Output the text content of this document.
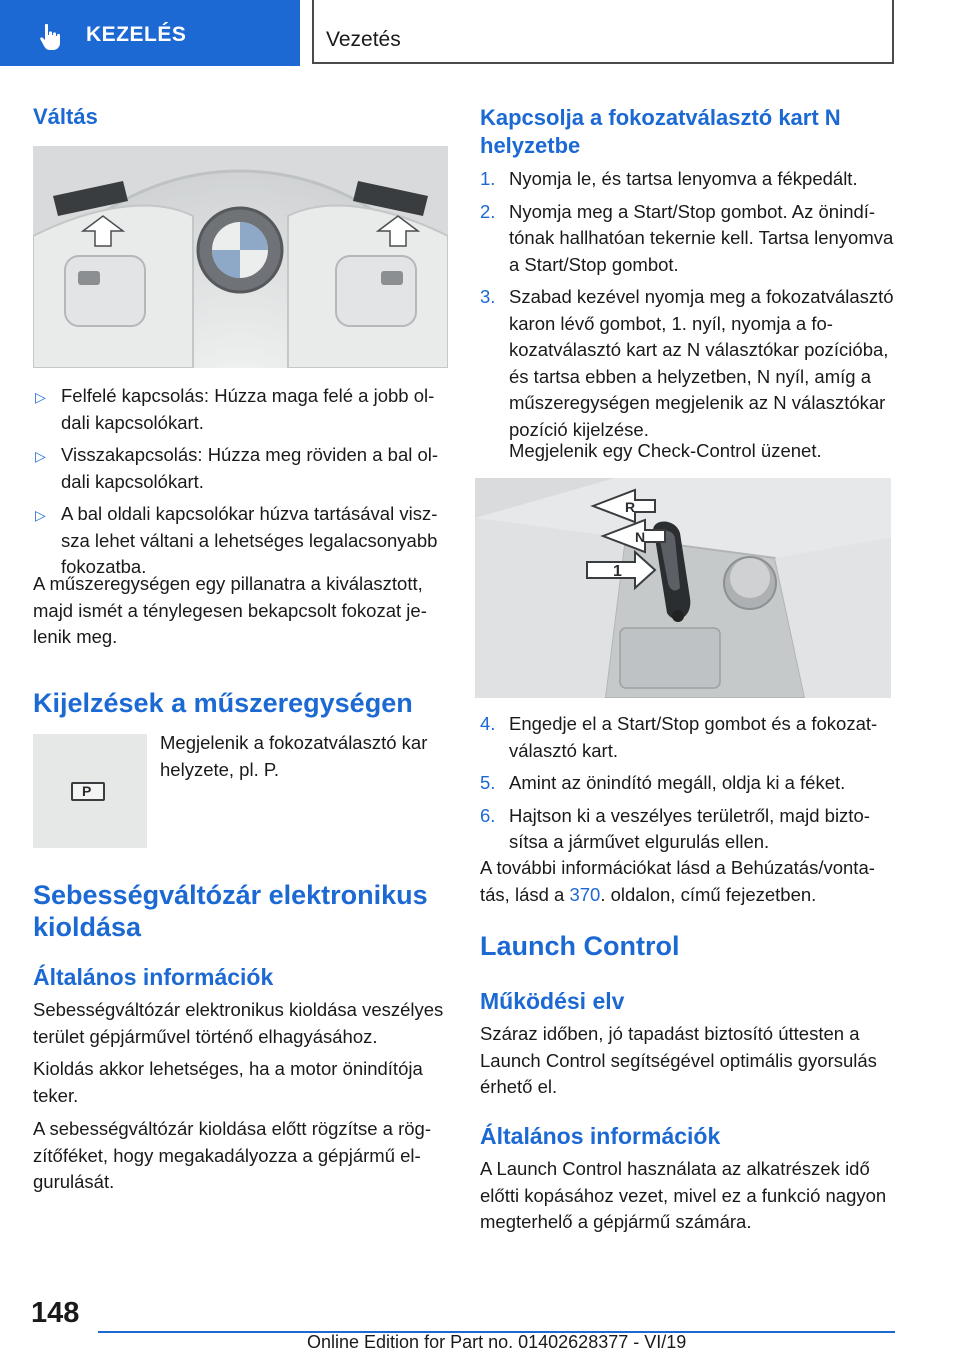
KEZELÉS	Vezetés
Váltás
▷ Felfelé kapcsolás: Húzza maga felé a jobb oldali kapcsolókart.
▷ Visszakapcsolás: Húzza meg röviden a bal oldali kapcsolókart.
▷ A bal oldali kapcsolókar húzva tartásával viszsza lehet váltani a lehetséges legalacsonyabb fokozatba.

A műszeregységen egy pillanatra a kiválasztott, majd ismét a ténylegesen bekapcsolt fokozat jelenik meg.

Kijelzések a műszeregységen
P

Megjelenik a fokozatválasztó kar helyzete, pl. P.

Sebességváltózár elektronikus kioldása
Általános információk

Sebességváltózár elektronikus kioldása veszélyes terület gépjárművel történő elhagyásához.

Kioldás akkor lehetséges, ha a motor önindítója teker.

A sebességváltózár kioldása előtt rögzítse a rögzítőféket, hogy megakadályozza a gépjármű elgurulását.

Kapcsolja a fokozatválasztó kart N helyzetbe
1. Nyomja le, és tartsa lenyomva a fékpedált.
2. Nyomja meg a Start/Stop gombot. Az önindítónak hallhatóan tekernie kell. Tartsa lenyomva a Start/Stop gombot.
3. Szabad kezével nyomja meg a fokozatválasztó karon lévő gombot, 1. nyíl, nyomja a fokozatválasztó kart az N választókar pozícióba, és tartsa ebben a helyzetben, N nyíl, amíg a műszeregységen megjelenik az N választókar pozíció kijelzése.

Megjelenik egy Check-Control üzenet.

R
N
1
4. Engedje el a Start/Stop gombot és a fokozatválasztó kart.
5. Amint az önindító megáll, oldja ki a féket.
6. Hajtson ki a veszélyes területről, majd biztosítsa a járművet elgurulás ellen.

A további információkat lásd a Behúzatás/vontatás, lásd a 370. oldalon, című fejezetben.

Launch Control
Működési elv

Száraz időben, jó tapadást biztosító úttesten a Launch Control segítségével optimális gyorsulás érhető el.

Általános információk

A Launch Control használata az alkatrészek idő előtti kopásához vezet, mivel ez a funkció nagyon megterhelő a gépjármű számára.

148
Online Edition for Part no. 01402628377 - VI/19
